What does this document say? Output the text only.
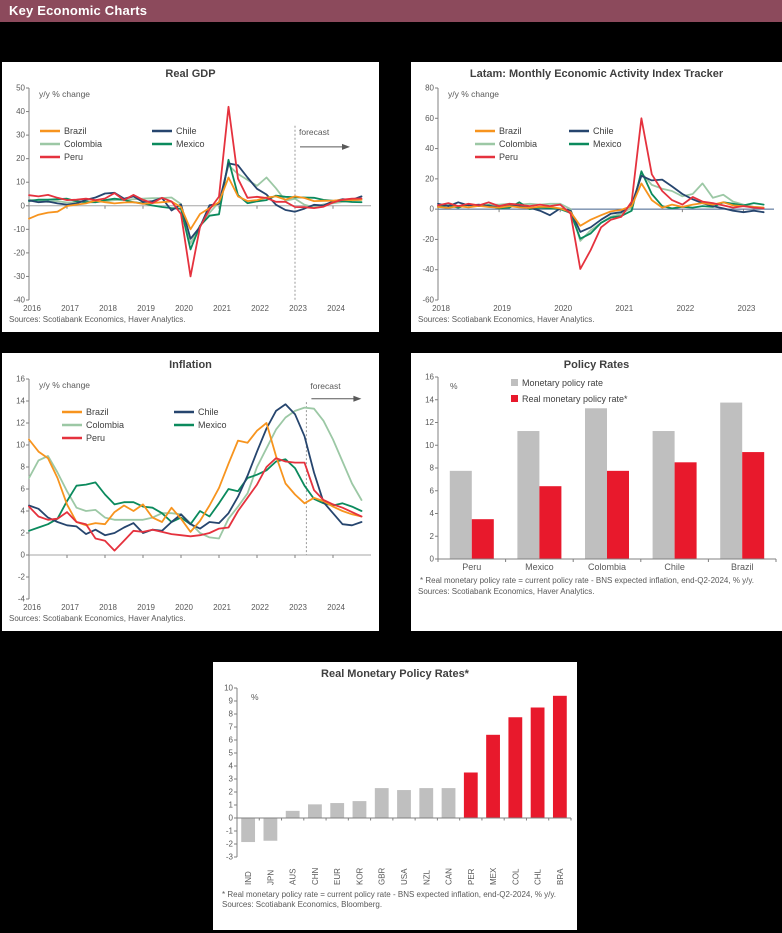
Key Economic Charts
Real GDP
-40
-30
-20
-10
0
10
20
30
40
50
2016	2017	2018	2019	2020	2021	2022	2023	2024
forecast
y/y % change
Brazil
Colombia
Peru
Chile
Mexico
Sources: Scotiabank Economics, Haver Analytics.
Latam: Monthly Economic Activity Index Tracker
-60
-40
-20
0
20
40
60
80
2018	2019	2020	2021	2022	2023
y/y % change
Brazil
Colombia
Peru
Chile
Mexico
Sources: Scotiabank Economics, Haver Analytics.
Inflation
-4
-2
0
2
4
6
8
10
12
14
16
2016	2017	2018	2019	2020	2021	2022	2023	2024
forecast
y/y % change
Brazil
Colombia
Peru
Chile
Mexico
Sources: Scotiabank Economics, Haver Analytics.
Policy Rates
0
2
4
6
8
10
12
14
16
Peru	Mexico	Colombia	Chile	Brazil
Monetary policy rate
Real monetary policy rate*
%
* Real monetary policy rate = current policy rate - BNS expected inflation, end-Q2-2024, % y/y.
Sources: Scotiabank Economics, Haver Analytics.
Real Monetary Policy Rates*
-3
-2
-1
0
1
2
3
4
5
6
7
8
9
10
IND JPN AUS CHN EUR KOR GBR USA NZL CAN PER MEX COL CHL BRA
%
* Real monetary policy rate = current policy rate - BNS expected inflation, end-Q2-2024, % y/y. Sources: Scotiabank Economics, Bloomberg.
